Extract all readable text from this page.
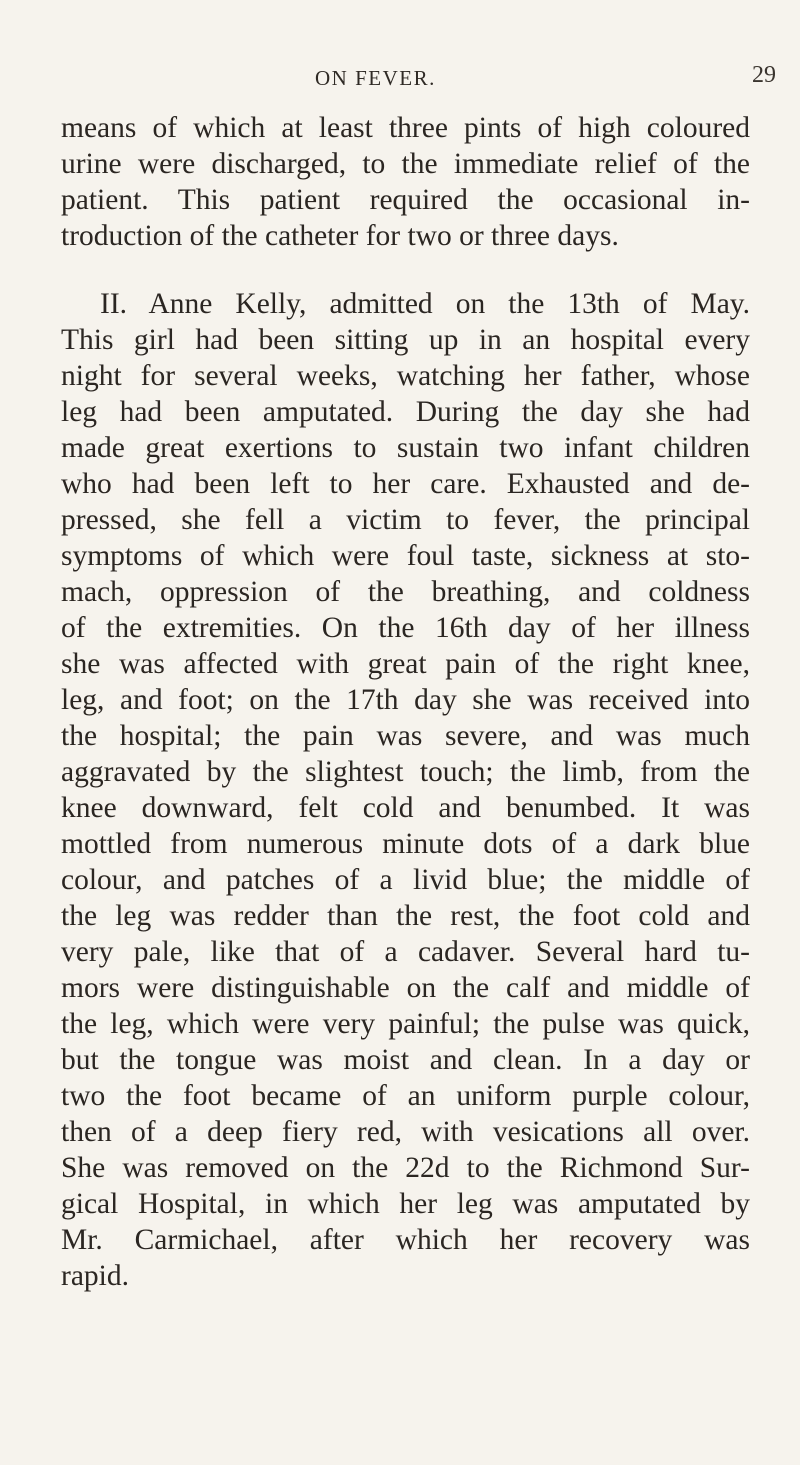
ON FEVER.	29
means of which at least three pints of high coloured
urine were discharged, to the immediate relief of the
patient. This patient required the occasional in-
troduction of the catheter for two or three days.
II. Anne Kelly, admitted on the 13th of May.
This girl had been sitting up in an hospital every
night for several weeks, watching her father, whose
leg had been amputated. During the day she had
made great exertions to sustain two infant children
who had been left to her care. Exhausted and de-
pressed, she fell a victim to fever, the principal
symptoms of which were foul taste, sickness at sto-
mach, oppression of the breathing, and coldness
of the extremities. On the 16th day of her illness
she was affected with great pain of the right knee,
leg, and foot; on the 17th day she was received into
the hospital; the pain was severe, and was much
aggravated by the slightest touch; the limb, from the
knee downward, felt cold and benumbed. It was
mottled from numerous minute dots of a dark blue
colour, and patches of a livid blue; the middle of
the leg was redder than the rest, the foot cold and
very pale, like that of a cadaver. Several hard tu-
mors were distinguishable on the calf and middle of
the leg, which were very painful; the pulse was quick,
but the tongue was moist and clean. In a day or
two the foot became of an uniform purple colour,
then of a deep fiery red, with vesications all over.
She was removed on the 22d to the Richmond Sur-
gical Hospital, in which her leg was amputated by
Mr. Carmichael, after which her recovery was
rapid.
